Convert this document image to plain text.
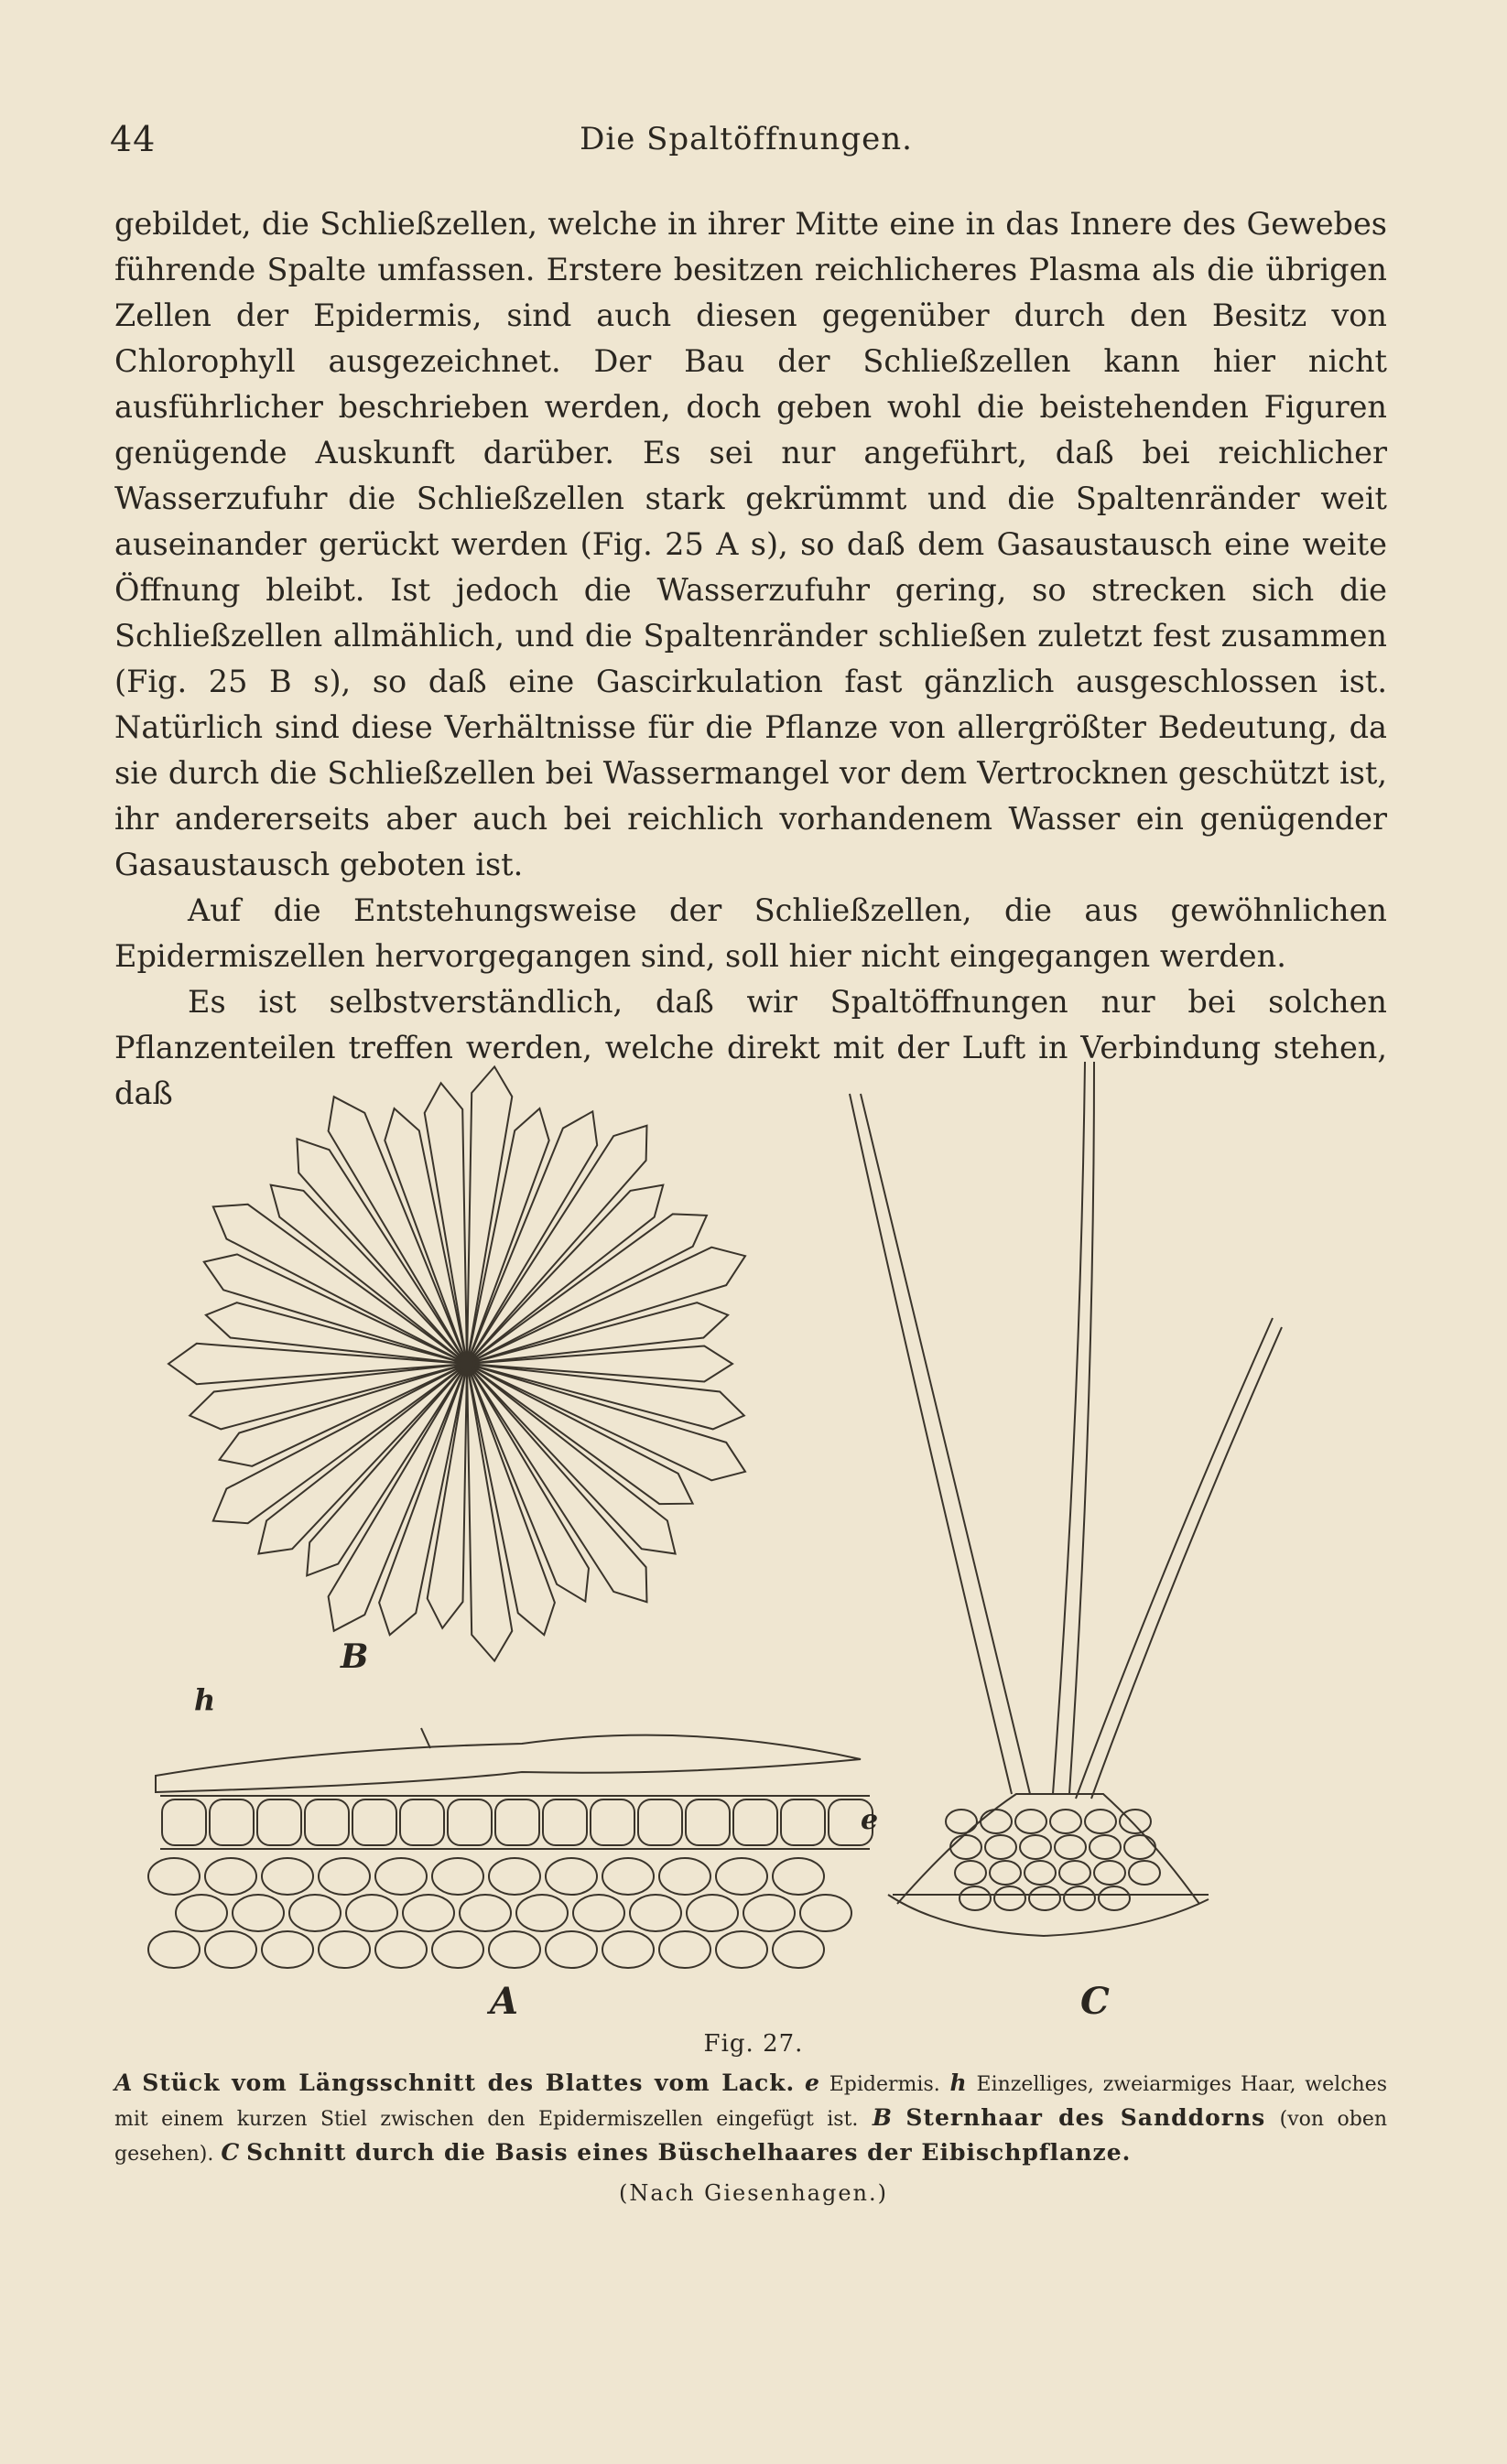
44	Die Spaltöffnungen.

gebildet, die Schließzellen, welche in ihrer Mitte eine in das Innere des Gewebes führende Spalte umfassen. Erstere besitzen reichlicheres Plasma als die übrigen Zellen der Epidermis, sind auch diesen gegenüber durch den Besitz von Chlorophyll ausgezeichnet. Der Bau der Schließzellen kann hier nicht ausführlicher beschrieben werden, doch geben wohl die beistehenden Figuren genügende Auskunft darüber. Es sei nur angeführt, daß bei reichlicher Wasserzufuhr die Schließzellen stark gekrümmt und die Spaltenränder weit auseinander gerückt werden (Fig. 25 A s), so daß dem Gasaustausch eine weite Öffnung bleibt. Ist jedoch die Wasserzufuhr gering, so strecken sich die Schließzellen allmählich, und die Spaltenränder schließen zuletzt fest zusammen (Fig. 25 B s), so daß eine Gascirkulation fast gänzlich ausgeschlossen ist. Natürlich sind diese Verhältnisse für die Pflanze von allergrößter Bedeutung, da sie durch die Schließzellen bei Wassermangel vor dem Vertrocknen geschützt ist, ihr andererseits aber auch bei reichlich vorhandenem Wasser ein genügender Gasaustausch geboten ist.

Auf die Entstehungsweise der Schließzellen, die aus gewöhnlichen Epidermiszellen hervorgegangen sind, soll hier nicht eingegangen werden.

Es ist selbstverständlich, daß wir Spaltöffnungen nur bei solchen Pflanzenteilen treffen werden, welche direkt mit der Luft in Verbindung stehen, daß

B
h
e
A	C
Fig. 27.
A Stück vom Längsschnitt des Blattes vom Lack. e Epidermis. h Einzelliges, zweiarmiges Haar, welches mit einem kurzen Stiel zwischen den Epidermiszellen eingefügt ist. B Sternhaar des Sanddorns (von oben gesehen). C Schnitt durch die Basis eines Büschelhaares der Eibischpflanze.
(Nach Giesenhagen.)
